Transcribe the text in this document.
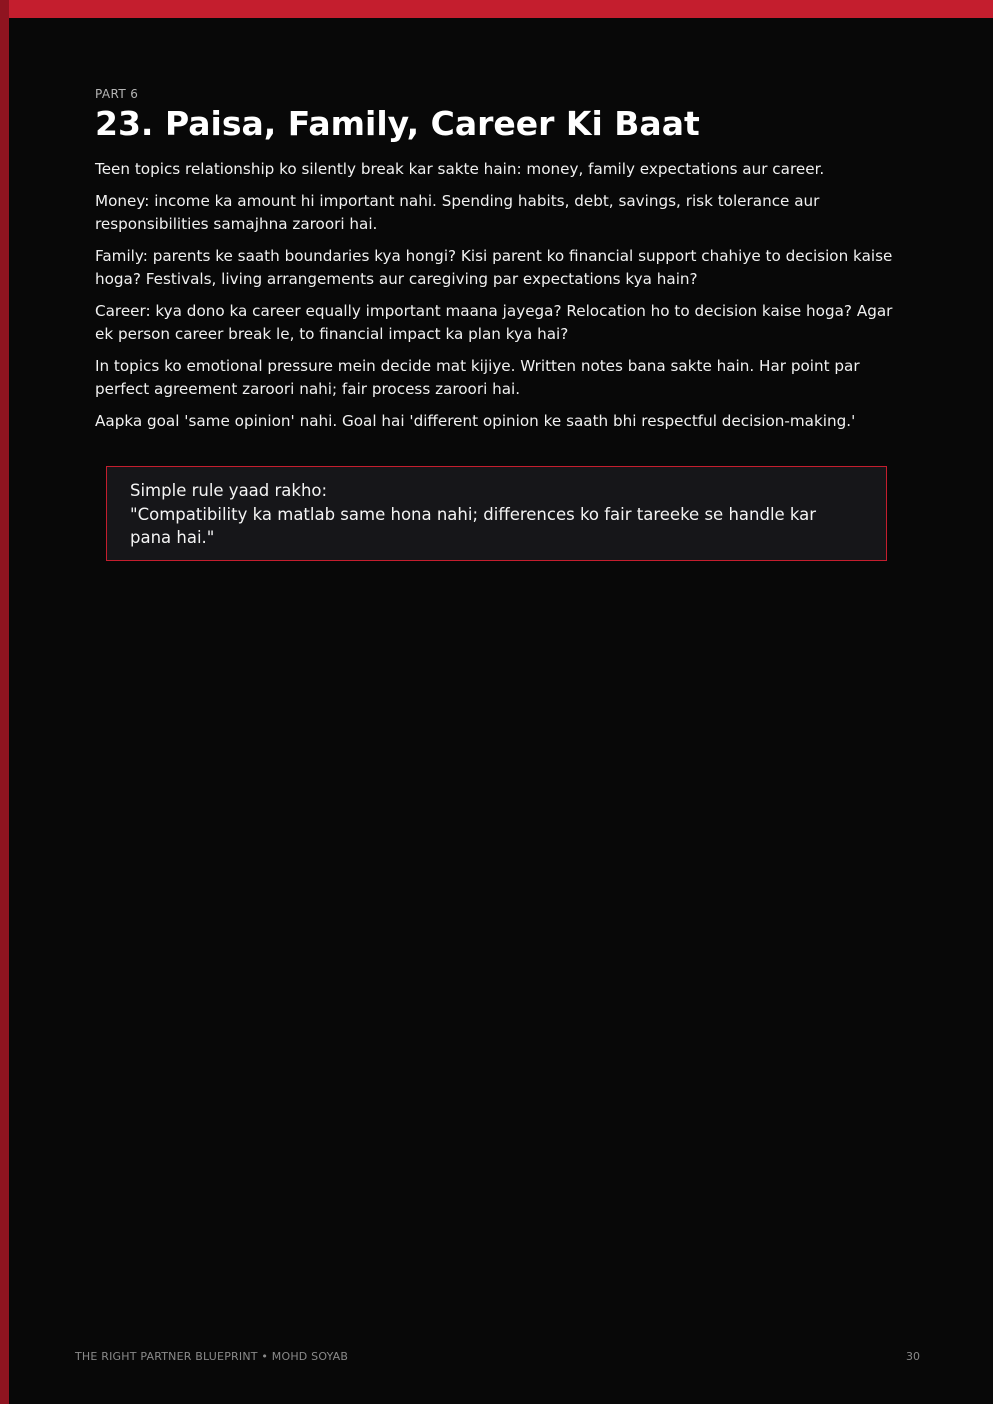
PART 6

23. Paisa, Family, Career Ki Baat

Teen topics relationship ko silently break kar sakte hain: money, family expectations aur career.

Money: income ka amount hi important nahi. Spending habits, debt, savings, risk tolerance aur responsibilities samajhna zaroori hai.

Family: parents ke saath boundaries kya hongi? Kisi parent ko financial support chahiye to decision kaise hoga? Festivals, living arrangements aur caregiving par expectations kya hain?

Career: kya dono ka career equally important maana jayega? Relocation ho to decision kaise hoga? Agar ek person career break le, to financial impact ka plan kya hai?

In topics ko emotional pressure mein decide mat kijiye. Written notes bana sakte hain. Har point par perfect agreement zaroori nahi; fair process zaroori hai.

Aapka goal 'same opinion' nahi. Goal hai 'different opinion ke saath bhi respectful decision-making.'

Simple rule yaad rakho:

"Compatibility ka matlab same hona nahi; differences ko fair tareeke se handle kar pana hai."

THE RIGHT PARTNER BLUEPRINT • MOHD SOYAB	30
